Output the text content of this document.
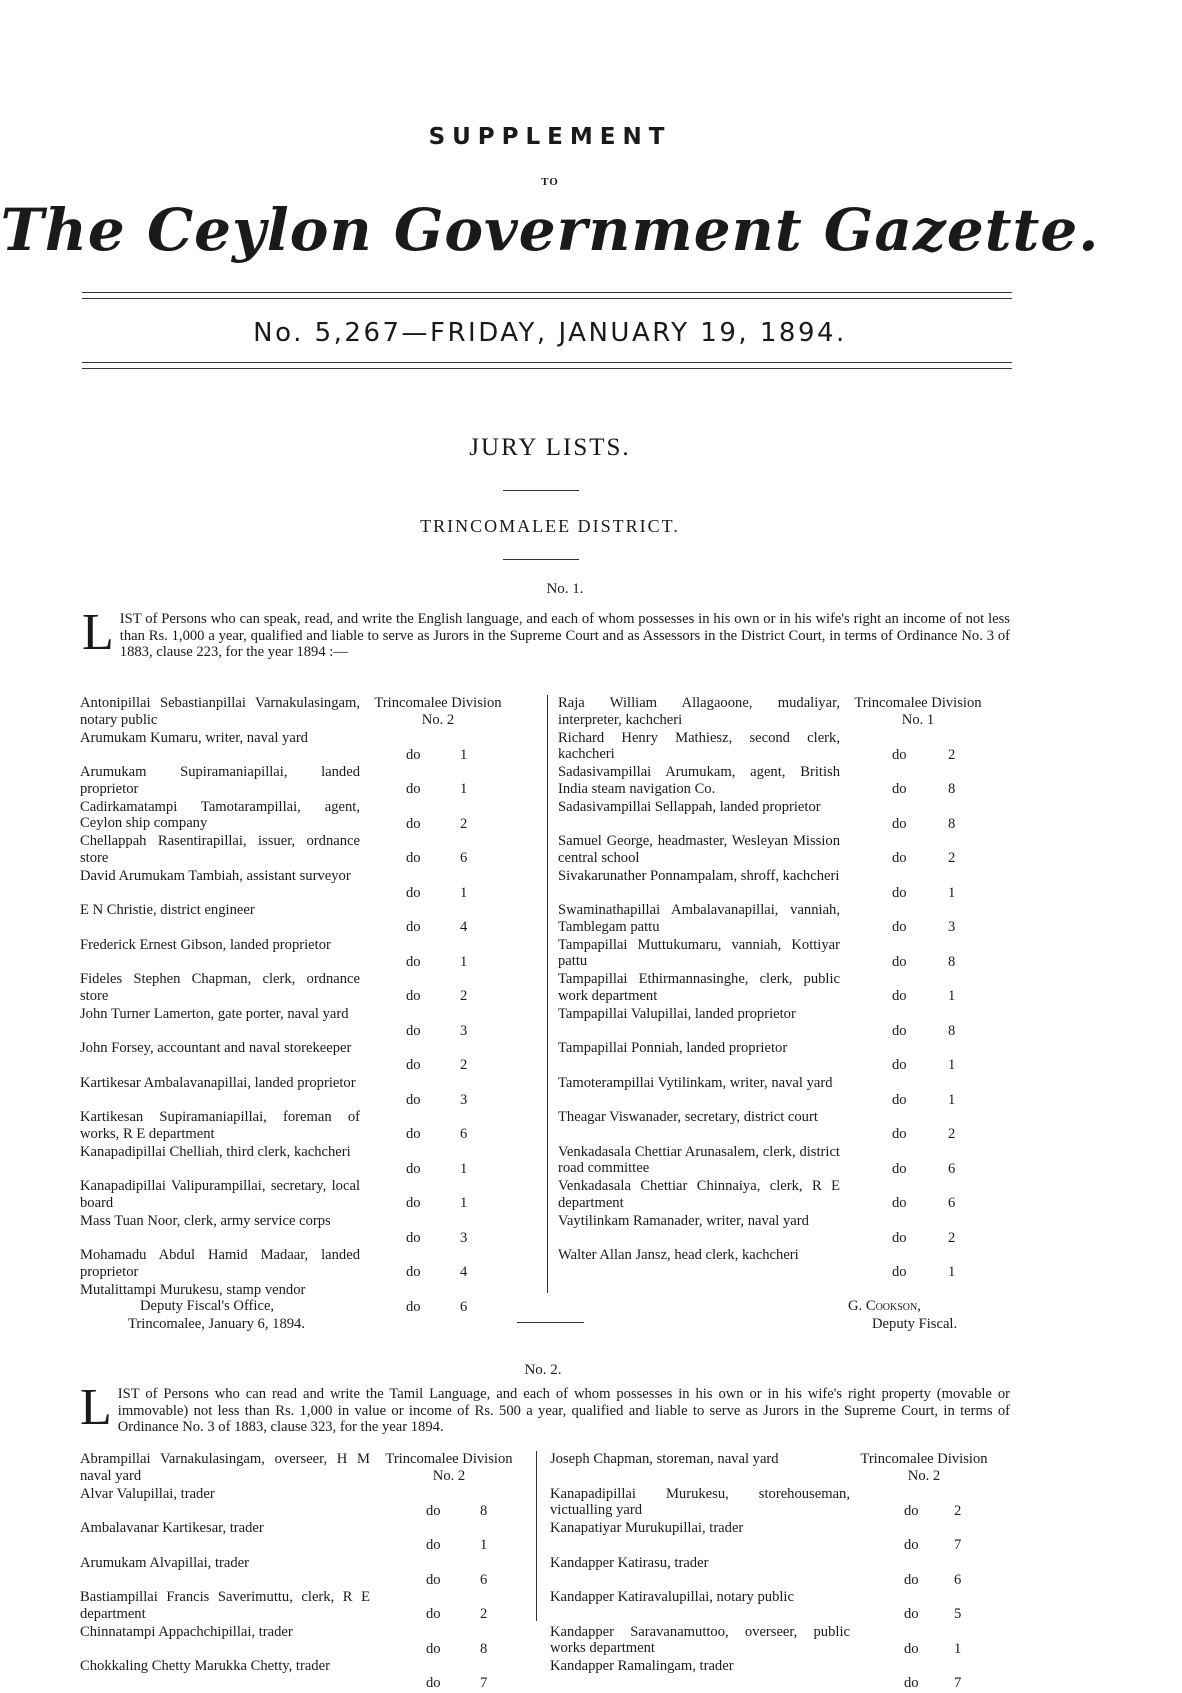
SUPPLEMENT
TO
The Ceylon Government Gazette.
No. 5,267—FRIDAY, JANUARY 19, 1894.
JURY LISTS.
TRINCOMALEE DISTRICT.
No. 1.
LIST of Persons who can speak, read, and write the English language, and each of whom possesses in his own or in his wife's right an income of not less than Rs. 1,000 a year, qualified and liable to serve as Jurors in the Supreme Court and as Assessors in the District Court, in terms of Ordinance No. 3 of 1883, clause 223, for the year 1894 :—
Antonipillai Sebastianpillai Varnakulasingam, notary public
Trincomalee Division No. 2
Arumukam Kumaru, writer, naval yard
do	1
Arumukam Supiramaniapillai, landed proprietor	do	1
Cadirkamatampi Tamotarampillai, agent, Ceylon ship company	do	2
Chellappah Rasentirapillai, issuer, ordnance store	do	6
David Arumukam Tambiah, assistant surveyor
do	1
E N Christie, district engineer
do	4
Frederick Ernest Gibson, landed proprietor
do	1
Fideles Stephen Chapman, clerk, ordnance store	do	2
John Turner Lamerton, gate porter, naval yard
do	3
John Forsey, accountant and naval storekeeper
do	2
Kartikesar Ambalavanapillai, landed proprietor
do	3
Kartikesan Supiramaniapillai, foreman of works, R E department	do	6
Kanapadipillai Chelliah, third clerk, kachcheri
do	1
Kanapadipillai Valipurampillai, secretary, local board	do	1
Mass Tuan Noor, clerk, army service corps
do	3
Mohamadu Abdul Hamid Madaar, landed proprietor	do	4
Mutalittampi Murukesu, stamp vendor
do	6
Raja William Allagaoone, mudaliyar, interpreter, kachcheri
Trincomalee Division No. 1
Richard Henry Mathiesz, second clerk, kachcheri	do	2
Sadasivampillai Arumukam, agent, British India steam navigation Co.	do	8
Sadasivampillai Sellappah, landed proprietor
do	8
Samuel George, headmaster, Wesleyan Mission central school	do	2
Sivakarunather Ponnampalam, shroff, kachcheri
do	1
Swaminathapillai Ambalavanapillai, vanniah, Tamblegam pattu	do	3
Tampapillai Muttukumaru, vanniah, Kottiyar pattu	do	8
Tampapillai Ethirmannasinghe, clerk, public work department	do	1
Tampapillai Valupillai, landed proprietor
do	8
Tampapillai Ponniah, landed proprietor
do	1
Tamoterampillai Vytilinkam, writer, naval yard
do	1
Theagar Viswanader, secretary, district court
do	2
Venkadasala Chettiar Arunasalem, clerk, district road committee	do	6
Venkadasala Chettiar Chinnaiya, clerk, R E department	do	6
Vaytilinkam Ramanader, writer, naval yard
do	2
Walter Allan Jansz, head clerk, kachcheri
do	1
Deputy Fiscal's Office,
Trincomalee, January 6, 1894.
G. Cookson,
Deputy Fiscal.
No. 2.
LIST of Persons who can read and write the Tamil Language, and each of whom possesses in his own or in his wife's right property (movable or immovable) not less than Rs. 1,000 in value or income of Rs. 500 a year, qualified and liable to serve as Jurors in the Supreme Court, in terms of Ordinance No. 3 of 1883, clause 323, for the year 1894.
Abrampillai Varnakulasingam, overseer, H M naval yard
Trincomalee Division No. 2
Alvar Valupillai, trader
do	8
Ambalavanar Kartikesar, trader
do	1
Arumukam Alvapillai, trader
do	6
Bastiampillai Francis Saverimuttu, clerk, R E department	do	2
Chinnatampi Appachchipillai, trader
do	8
Chokkaling Chetty Marukka Chetty, trader
do	7
Joseph Chapman, storeman, naval yard	Trincomalee Division No. 2
Kanapadipillai Murukesu, storehouseman, victualling yard	do 2
Kanapatiyar Murukupillai, trader
do 7
Kandapper Katirasu, trader
do 6
Kandapper Katiravalupillai, notary public
do 5
Kandapper Saravanamuttoo, overseer, public works department	do 1
Kandapper Ramalingam, trader
do 7
